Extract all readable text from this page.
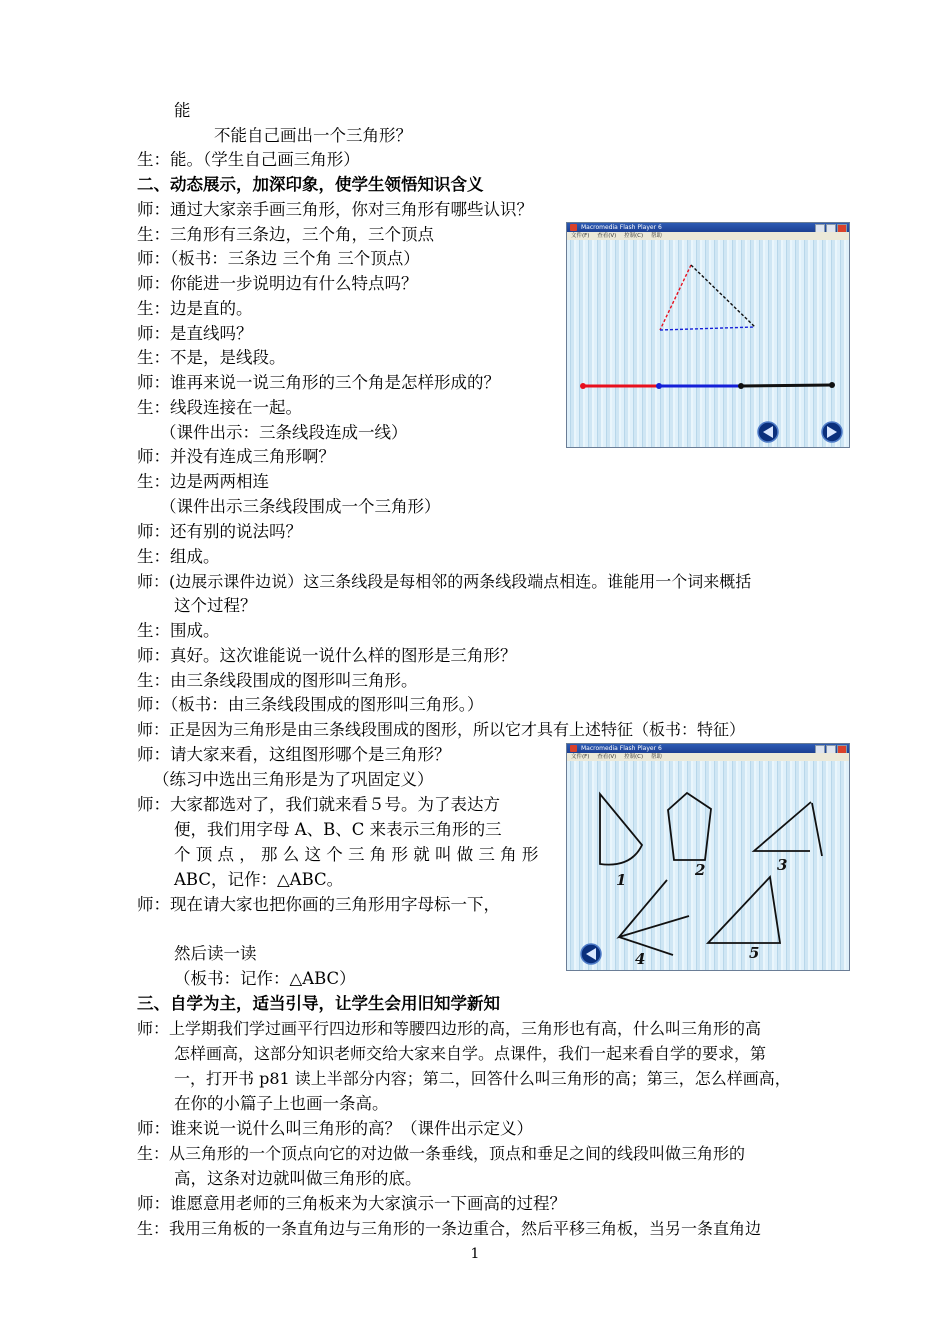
能
不能自己画出一个三角形？
生：能。（学生自己画三角形）
二、动态展示，加深印象，使学生领悟知识含义
师：通过大家亲手画三角形，你对三角形有哪些认识？
生：三角形有三条边，三个角，三个顶点
师：（板书：三条边 三个角 三个顶点）
师：你能进一步说明边有什么特点吗？
生：边是直的。
师：是直线吗？
生：不是，是线段。
师：谁再来说一说三角形的三个角是怎样形成的？
生：线段连接在一起。
（课件出示：三条线段连成一线）
师：并没有连成三角形啊？
生：边是两两相连
（课件出示三条线段围成一个三角形）
师：还有别的说法吗？
生：组成。
师：(边展示课件边说）这三条线段是每相邻的两条线段端点相连。谁能用一个词来概括
这个过程？
生：围成。
师：真好。这次谁能说一说什么样的图形是三角形？
生：由三条线段围成的图形叫三角形。
师：（板书：由三条线段围成的图形叫三角形。）
师：正是因为三角形是由三条线段围成的图形，所以它才具有上述特征（板书：特征）
师：请大家来看，这组图形哪个是三角形？
（练习中选出三角形是为了巩固定义）
师：大家都选对了，我们就来看５号。为了表达方
便，我们用字母 A、B、C 来表示三角形的三
个 顶 点 ， 那 么 这 个 三 角 形 就 叫 做 三 角 形
ABC，记作：△ABC。
师：现在请大家也把你画的三角形用字母标一下，
然后读一读
（板书：记作：△ABC）
三、自学为主，适当引导，让学生会用旧知学新知
师：上学期我们学过画平行四边形和等腰四边形的高，三角形也有高，什么叫三角形的高
怎样画高，这部分知识老师交给大家来自学。点课件，我们一起来看自学的要求，第
一，打开书 p81 读上半部分内容；第二，回答什么叫三角形的高；第三，怎么样画高，
在你的小篇子上也画一条高。
师：谁来说一说什么叫三角形的高？（课件出示定义）
生：从三角形的一个顶点向它的对边做一条垂线，顶点和垂足之间的线段叫做三角形的
高，这条对边就叫做三角形的底。
师：谁愿意用老师的三角板来为大家演示一下画高的过程？
生：我用三角板的一条直角边与三角形的一条边重合，然后平移三角板，当另一条直角边
1
Macromedia Flash Player 6
文件(F) 查看(V) 控制(C) 帮助
Macromedia Flash Player 6
文件(F) 查看(V) 控制(C) 帮助
1
2	3
4	5
